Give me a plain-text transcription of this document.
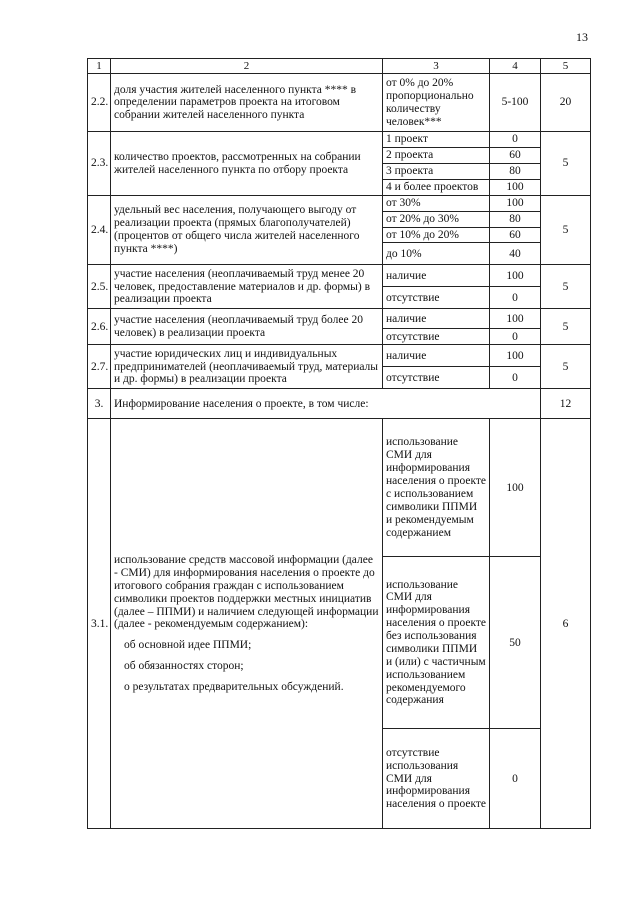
13
1	2	3	4	5
2.2.	доля участия жителей населенного пункта **** в определении параметров проекта на итоговом собрании жителей населенного пункта	от 0% до 20% пропорционально количеству человек***	5-100	20
2.3.	количество проектов, рассмотренных на собрании жителей населенного пункта по отбору проекта	1 проект	0	5
		2 проекта	60	
		3 проекта	80	
		4 и более проектов	100	
2.4.	удельный вес населения, получающего выгоду от реализации проекта (прямых благополучателей) (процентов от общего числа жителей населенного пункта ****)	от 30%	100	5
		от 20% до 30%	80	
		от 10% до 20%	60	
		до 10%	40	
2.5.	участие населения (неоплачиваемый труд менее 20 человек, предоставление материалов и др. формы) в реализации проекта	наличие	100	5
		отсутствие	0	
2.6.	участие населения (неоплачиваемый труд более 20 человек) в реализации проекта	наличие	100	5
		отсутствие	0	
2.7.	участие юридических лиц и индивидуальных предпринимателей (неоплачиваемый труд, материалы и др. формы) в реализации проекта	наличие	100	5
		отсутствие	0	
3.	Информирование населения о проекте, в том числе:			12
3.1.	использование средств массовой информации (далее - СМИ) для информирования населения о проекте до итогового собрания граждан с использованием символики проектов поддержки местных инициатив (далее – ППМИ) и наличием следующей информации (далее - рекомендуемым содержанием):
об основной идее ППМИ;
об обязанностях сторон;
о результатах предварительных обсуждений.	использование СМИ для информирования населения о проекте с использованием символики ППМИ и рекомендуемым содержанием	100	6
		использование СМИ для информирования населения о проекте без использования символики ППМИ и (или) с частичным использованием рекомендуемого содержания	50	
		отсутствие использования СМИ для информирования населения о проекте	0	
